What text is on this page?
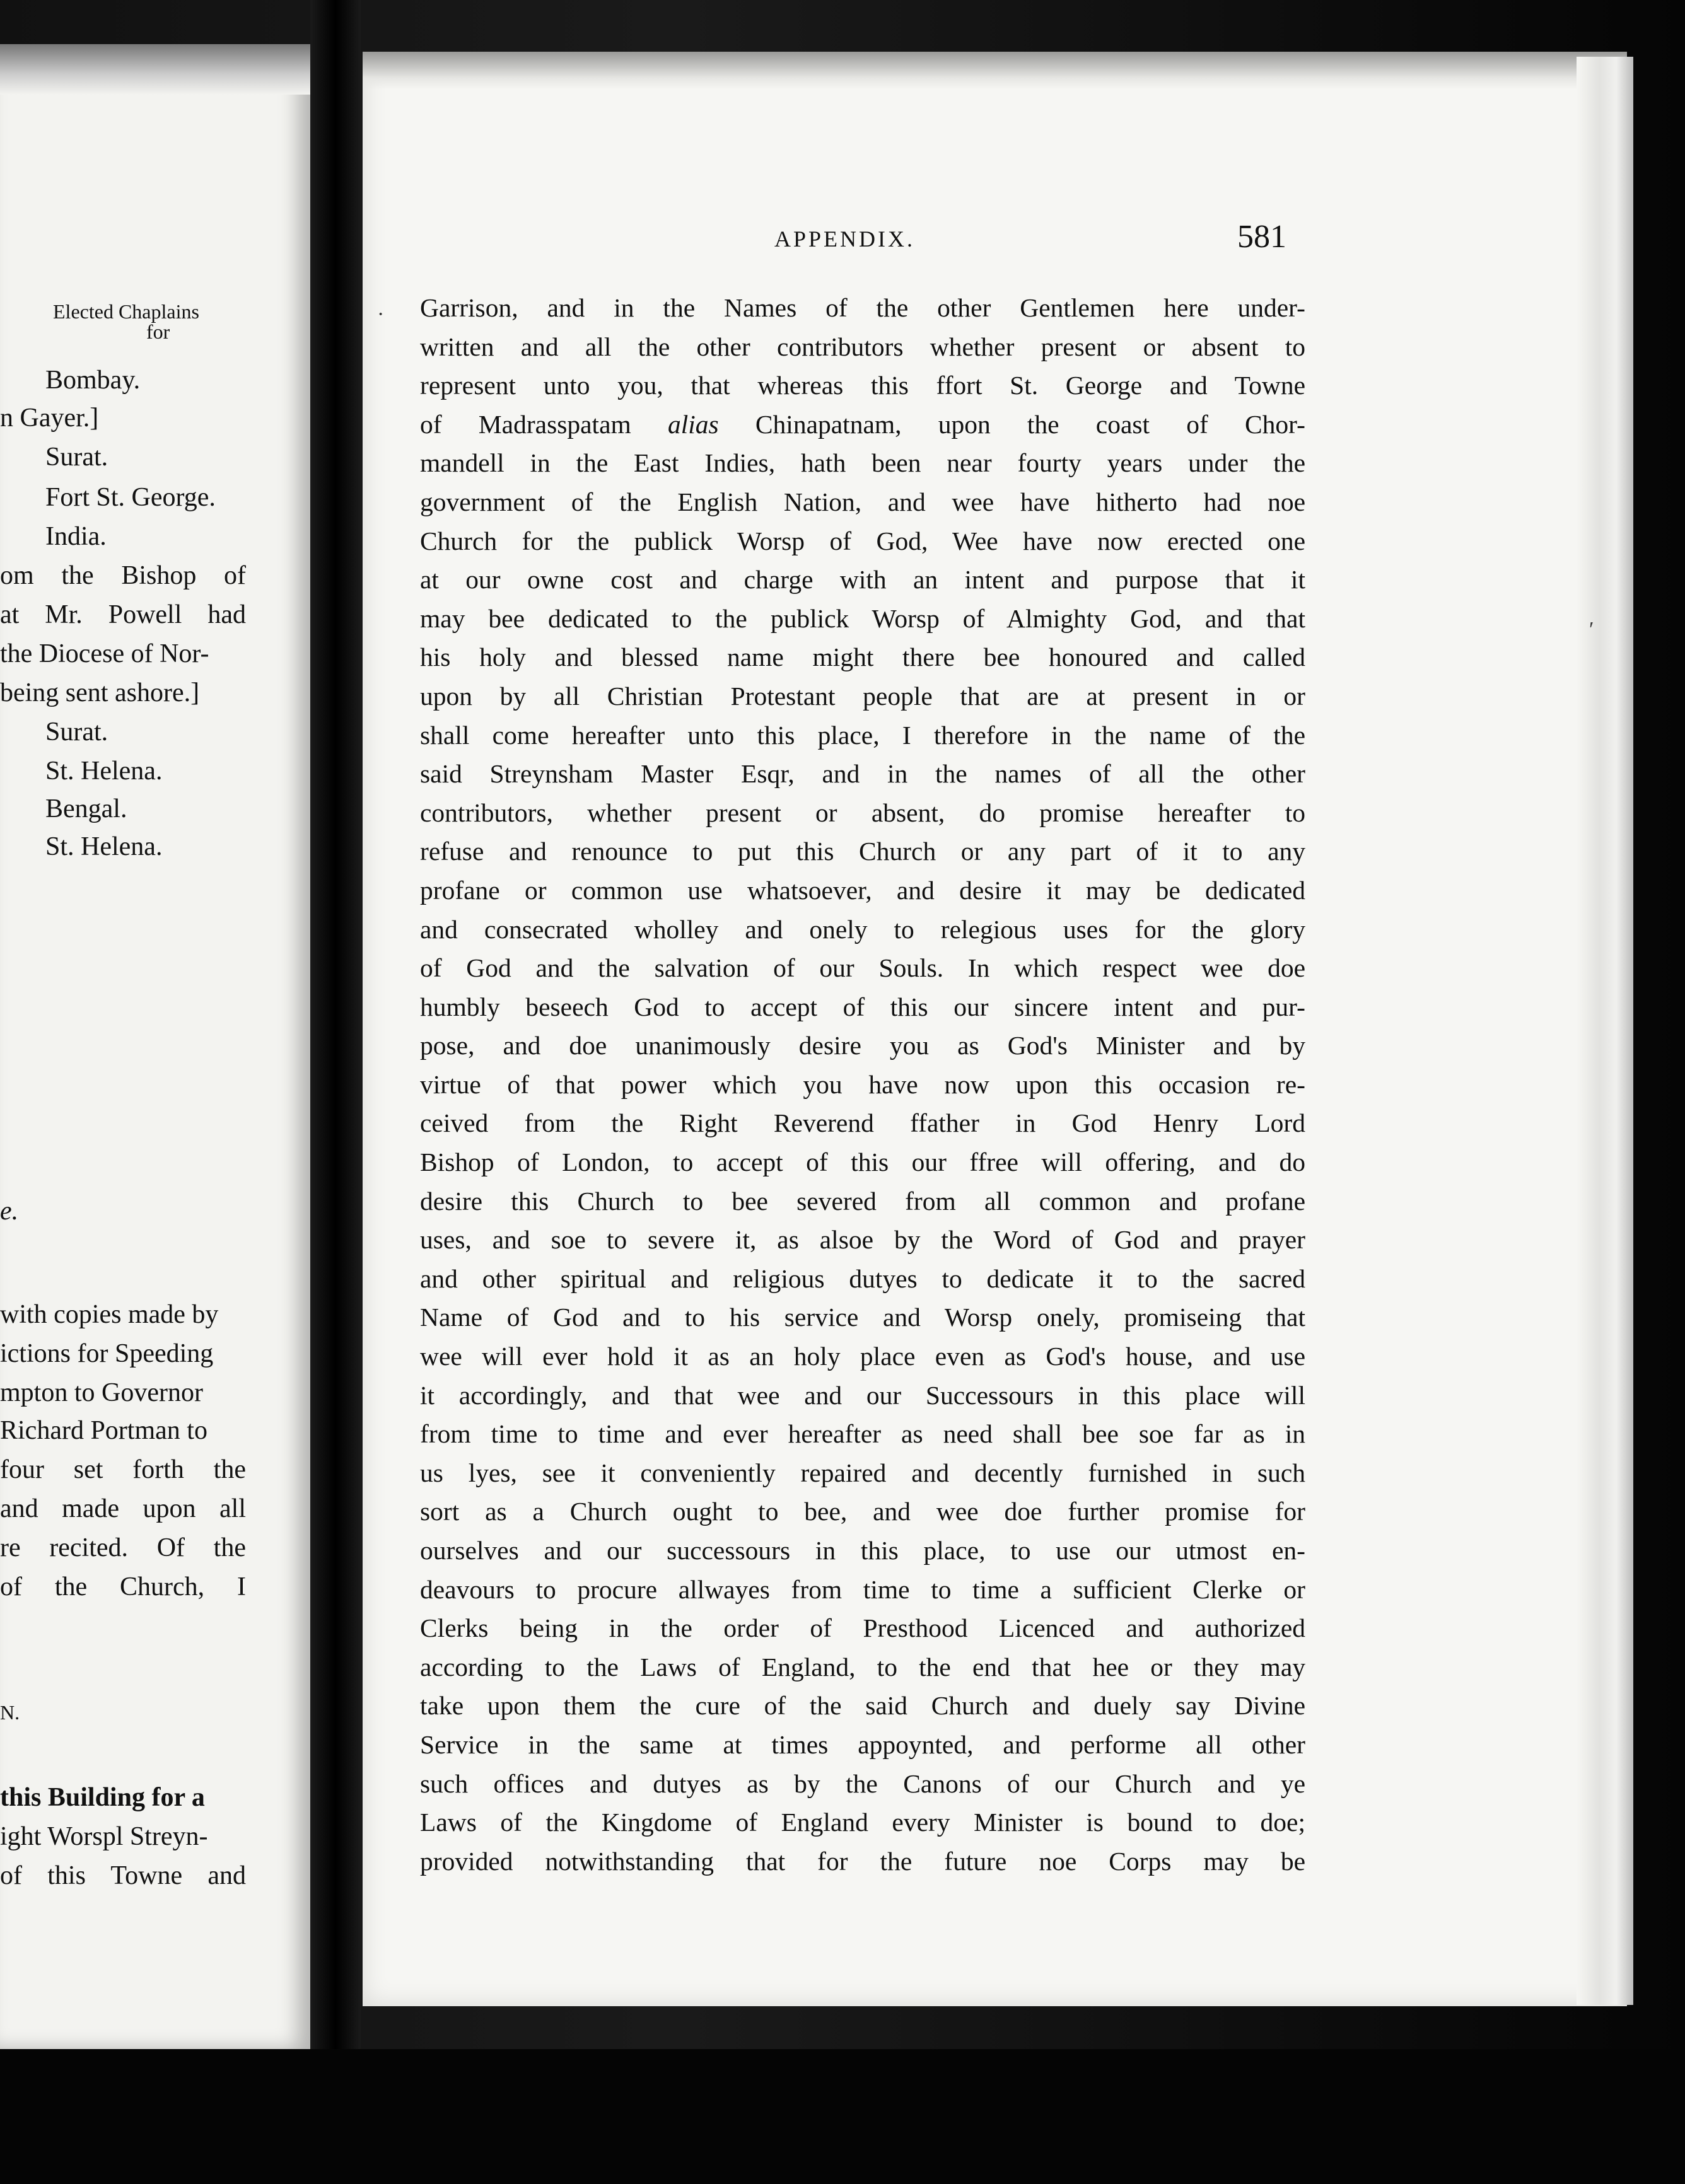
Elected Chaplains
for
Bombay.
n Gayer.]
Surat.
Fort St. George.
India.
om the Bishop of
at Mr. Powell had
the Diocese of Nor-
being sent ashore.]
Surat.
St. Helena.
Bengal.
St. Helena.
e.
with copies made by
ictions for Speeding
mpton to Governor
Richard Portman to
four set forth the
and made upon all
re recited. Of the
of the Church, I
N.
this Building for a
ight Worspl Streyn-
of this Towne and
APPENDIX.	581
Garrison, and in the Names of the other Gentlemen here under-
written and all the other contributors whether present or absent to
represent unto you, that whereas this ffort St. George and Towne
of Madrasspatam alias Chinapatnam, upon the coast of Chor-
mandell in the East Indies, hath been near fourty years under the
government of the English Nation, and wee have hitherto had noe
Church for the publick Worsp of God, Wee have now erected one
at our owne cost and charge with an intent and purpose that it
may bee dedicated to the publick Worsp of Almighty God, and that
his holy and blessed name might there bee honoured and called
upon by all Christian Protestant people that are at present in or
shall come hereafter unto this place, I therefore in the name of the
said Streynsham Master Esqr, and in the names of all the other
contributors, whether present or absent, do promise hereafter to
refuse and renounce to put this Church or any part of it to any
profane or common use whatsoever, and desire it may be dedicated
and consecrated wholley and onely to relegious uses for the glory
of God and the salvation of our Souls. In which respect wee doe
humbly beseech God to accept of this our sincere intent and pur-
pose, and doe unanimously desire you as God's Minister and by
virtue of that power which you have now upon this occasion re-
ceived from the Right Reverend ffather in God Henry Lord
Bishop of London, to accept of this our ffree will offering, and do
desire this Church to bee severed from all common and profane
uses, and soe to severe it, as alsoe by the Word of God and prayer
and other spiritual and religious dutyes to dedicate it to the sacred
Name of God and to his service and Worsp onely, promiseing that
wee will ever hold it as an holy place even as God's house, and use
it accordingly, and that wee and our Successours in this place will
from time to time and ever hereafter as need shall bee soe far as in
us lyes, see it conveniently repaired and decently furnished in such
sort as a Church ought to bee, and wee doe further promise for
ourselves and our successours in this place, to use our utmost en-
deavours to procure allwayes from time to time a sufficient Clerke or
Clerks being in the order of Presthood Licenced and authorized
according to the Laws of England, to the end that hee or they may
take upon them the cure of the said Church and duely say Divine
Service in the same at times appoynted, and performe all other
such offices and dutyes as by the Canons of our Church and ye
Laws of the Kingdome of England every Minister is bound to doe;
provided notwithstanding that for the future noe Corps may be
·
′
